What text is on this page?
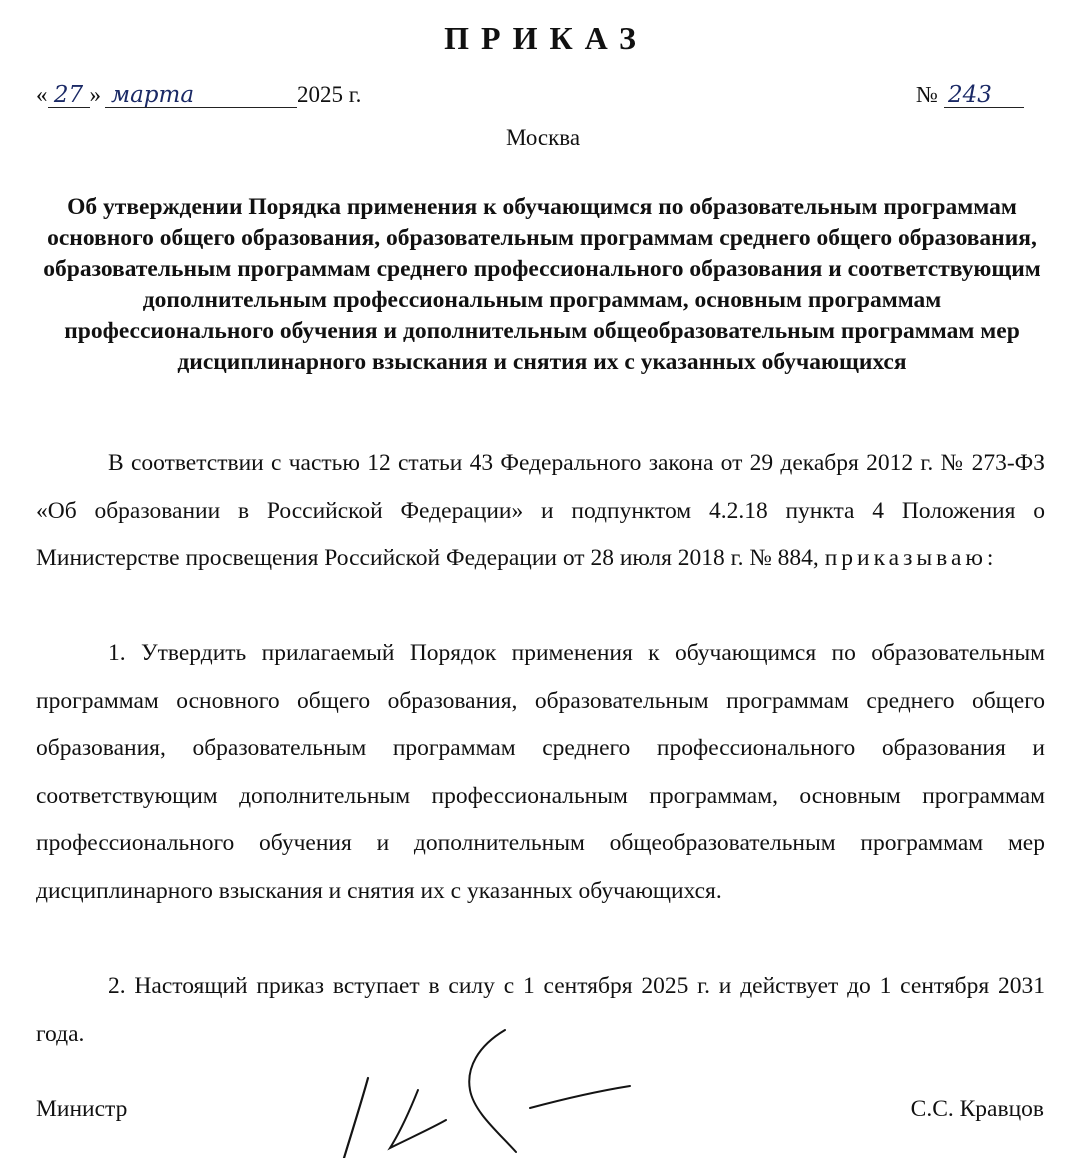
ПРИКАЗ
« 27 » марта	2025 г.	№ 243
Москва
Об утверждении Порядка применения к обучающимся по образовательным программам основного общего образования, образовательным программам среднего общего образования, образовательным программам среднего профессионального образования и соответствующим дополнительным профессиональным программам, основным программам профессионального обучения и дополнительным общеобразовательным программам мер дисциплинарного взыскания и снятия их с указанных обучающихся
В соответствии с частью 12 статьи 43 Федерального закона от 29 декабря 2012 г. № 273-ФЗ «Об образовании в Российской Федерации» и подпунктом 4.2.18 пункта 4 Положения о Министерстве просвещения Российской Федерации от 28 июля 2018 г. № 884, приказываю:
1. Утвердить прилагаемый Порядок применения к обучающимся по образовательным программам основного общего образования, образовательным программам среднего общего образования, образовательным программам среднего профессионального образования и соответствующим дополнительным профессиональным программам, основным программам профессионального обучения и дополнительным общеобразовательным программам мер дисциплинарного взыскания и снятия их с указанных обучающихся.
2. Настоящий приказ вступает в силу с 1 сентября 2025 г. и действует до 1 сентября 2031 года.
Министр	С.С. Кравцов
